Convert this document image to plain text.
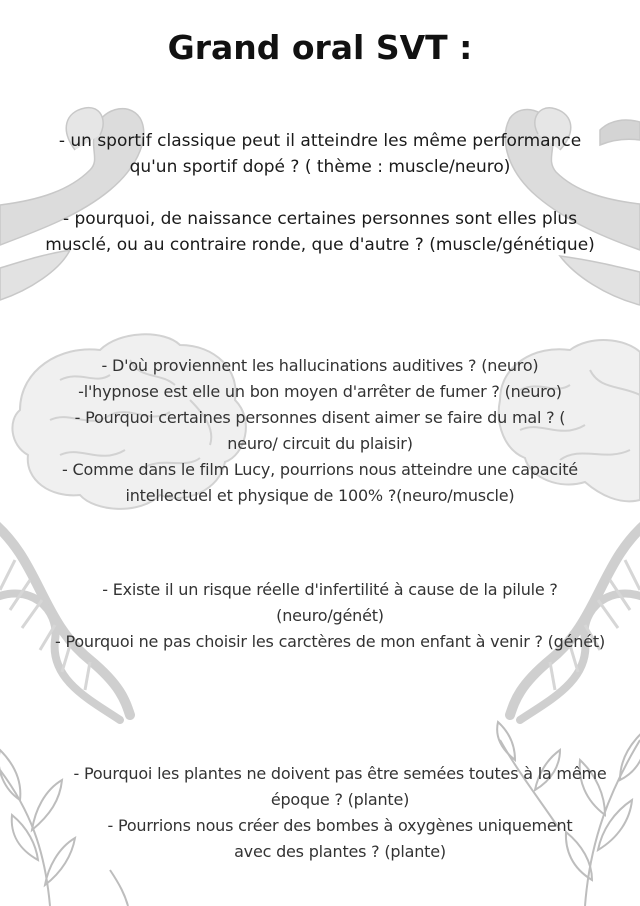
Grand oral SVT :

- un sportif classique peut il atteindre les même performance qu'un sportif dopé ? ( thème : muscle/neuro)

- pourquoi, de naissance certaines personnes sont elles plus musclé, ou au contraire ronde, que d'autre ? (muscle/génétique)

- D'où proviennent les hallucinations auditives ? (neuro)

-l'hypnose est elle un bon moyen d'arrêter de fumer ? (neuro)

- Pourquoi certaines personnes disent aimer se faire du mal ? ( neuro/ circuit du plaisir)

- Comme dans le film Lucy, pourrions nous atteindre une capacité intellectuel et physique de 100% ?(neuro/muscle)

- Existe il un risque réelle d'infertilité à cause de la pilule ? (neuro/génét)

- Pourquoi ne pas choisir les carctères de mon enfant à venir ? (génét)

- Pourquoi les plantes ne doivent pas être semées toutes à la même époque ? (plante)

- Pourrions nous créer des bombes à oxygènes uniquement avec des plantes ? (plante)
